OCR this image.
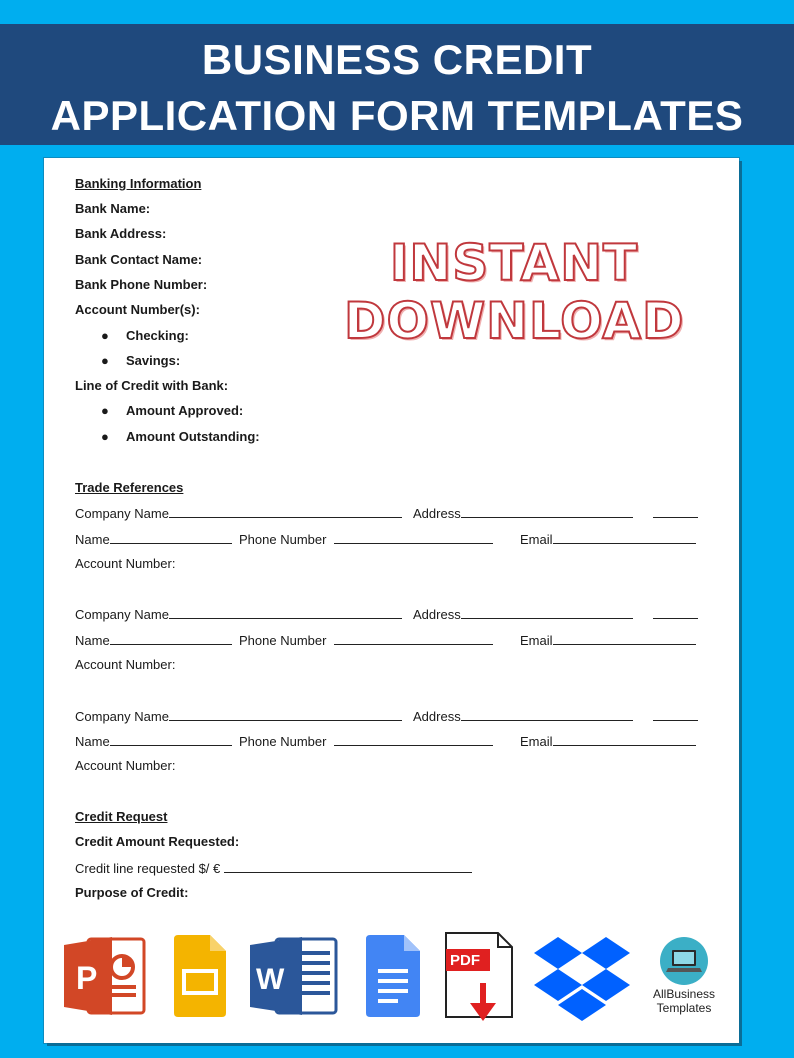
BUSINESS CREDIT
APPLICATION FORM TEMPLATES
Banking Information
Bank Name:
Bank Address:
Bank Contact Name:
Bank Phone Number:
Account Number(s):
● Checking:
● Savings:
Line of Credit with Bank:
● Amount Approved:
● Amount Outstanding:
Trade References
Company Name	Address
Name	Phone Number	Email
Account Number:
Company Name	Address
Name	Phone Number	Email
Account Number:
Company Name	Address
Name	Phone Number	Email
Account Number:
Credit Request
Credit Amount Requested:
Credit line requested $/ €
Purpose of Credit:
INSTANT
DOWNLOAD
P	W
PDF
AllBusiness
Templates
